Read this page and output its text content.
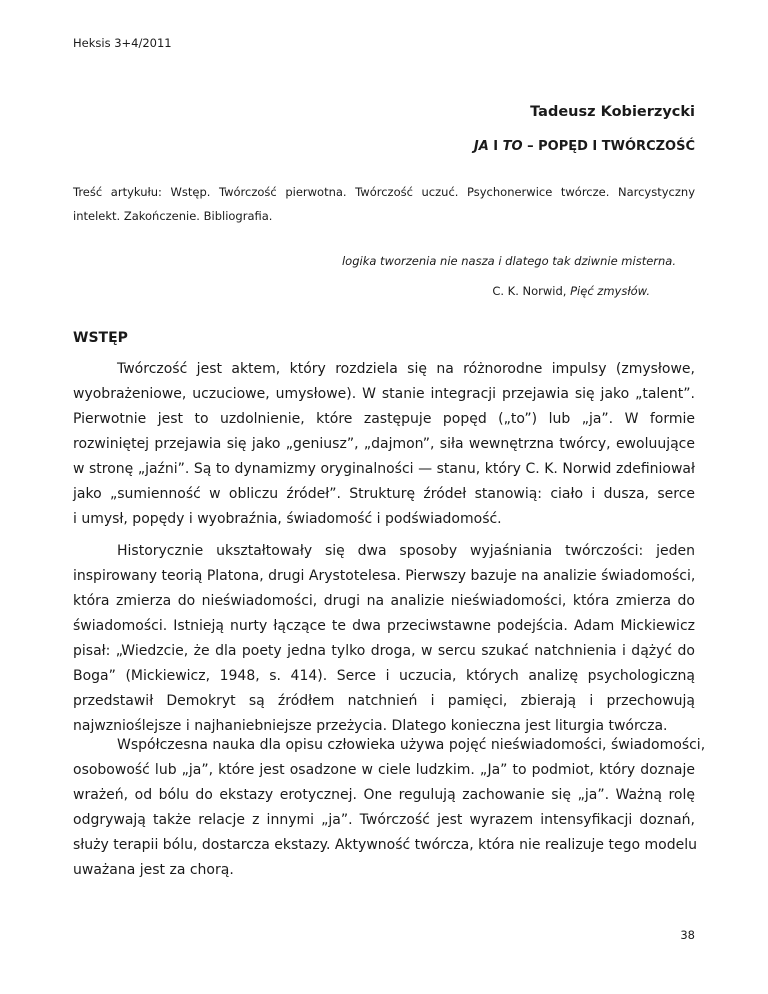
Heksis 3+4/2011
Tadeusz Kobierzycki
JA I TO – POPĘD I TWÓRCZOŚĆ
Treść artykułu: Wstęp. Twórczość pierwotna. Twórczość uczuć. Psychonerwice twórcze. Narcystyczny
intelekt. Zakończenie. Bibliografia.
logika tworzenia nie nasza i dlatego tak dziwnie misterna.
C. K. Norwid, Pięć zmysłów.
WSTĘP
Twórczość jest aktem, który rozdziela się na różnorodne impulsy (zmysłowe,
wyobrażeniowe, uczuciowe, umysłowe). W stanie integracji przejawia się jako „talent”.
Pierwotnie jest to uzdolnienie, które zastępuje popęd („to”) lub „ja”. W formie
rozwiniętej przejawia się jako „geniusz”, „dajmon”, siła wewnętrzna twórcy, ewoluujące
w stronę „jaźni”. Są to dynamizmy oryginalności — stanu, który C. K. Norwid zdefiniował
jako „sumienność w obliczu źródeł”. Strukturę źródeł stanowią: ciało i dusza, serce
i umysł, popędy i wyobraźnia, świadomość i podświadomość.
Historycznie ukształtowały się dwa sposoby wyjaśniania twórczości: jeden
inspirowany teorią Platona, drugi Arystotelesa. Pierwszy bazuje na analizie świadomości,
która zmierza do nieświadomości, drugi na analizie nieświadomości, która zmierza do
świadomości. Istnieją nurty łączące te dwa przeciwstawne podejścia. Adam Mickiewicz
pisał: „Wiedzcie, że dla poety jedna tylko droga, w sercu szukać natchnienia i dążyć do
Boga” (Mickiewicz, 1948, s. 414). Serce i uczucia, których analizę psychologiczną
przedstawił Demokryt są źródłem natchnień i pamięci, zbierają i przechowują
najwznioślejsze i najhaniebniejsze przeżycia. Dlatego konieczna jest liturgia twórcza.
Współczesna nauka dla opisu człowieka używa pojęć nieświadomości, świadomości,
osobowość lub „ja”, które jest osadzone w ciele ludzkim. „Ja” to podmiot, który doznaje
wrażeń, od bólu do ekstazy erotycznej. One regulują zachowanie się „ja”. Ważną rolę
odgrywają także relacje z innymi „ja”. Twórczość jest wyrazem intensyfikacji doznań,
służy terapii bólu, dostarcza ekstazy. Aktywność twórcza, która nie realizuje tego modelu
uważana jest za chorą.
38
